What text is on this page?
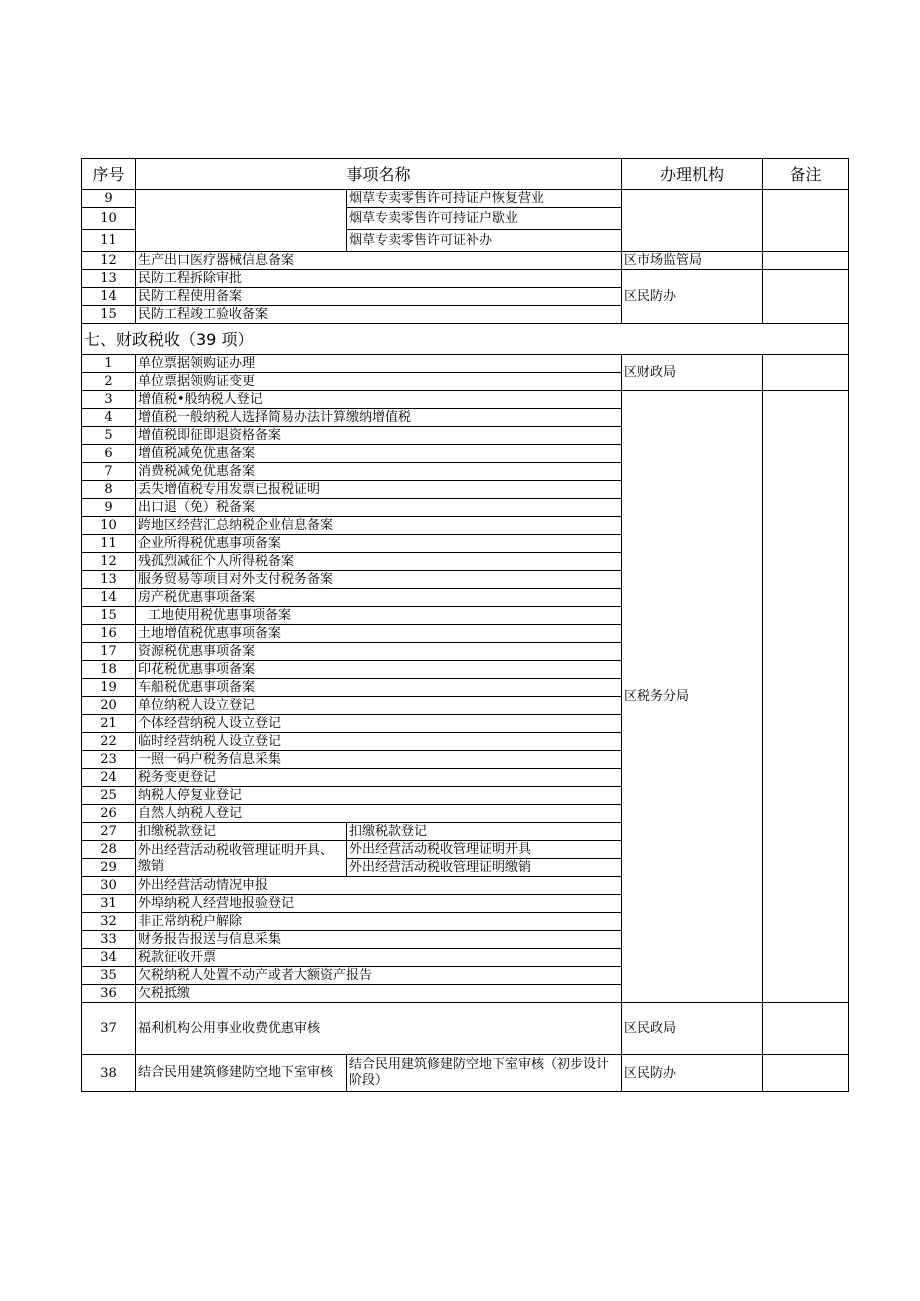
序号	事项名称		办理机构	备注
9		烟草专卖零售许可持证户恢复营业		
10		烟草专卖零售许可持证户歇业		
11		烟草专卖零售许可证补办		
12	生产出口医疗器械信息备案		区市场监管局	
13	民防工程拆除审批		区民防办	
14	民防工程使用备案			
15	民防工程竣工验收备案			
七、财政税收（39 项）				
1	单位票据领购证办理		区财政局	
2	单位票据领购证变更			
3	增值税•般纳税人登记		区税务分局	
4	增值税一般纳税人选择简易办法计算缴纳增值税			
5	增值税即征即退资格备案			
6	增值税减免优惠备案			
7	消费税减免优惠备案			
8	丢失增值税专用发票已报税证明			
9	出口退（免）税备案			
10	跨地区经营汇总纳税企业信息备案			
11	企业所得税优惠事项备案			
12	残孤烈减征个人所得税备案			
13	服务贸易等项目对外支付税务备案			
14	房产税优惠事项备案			
15	工地使用税优惠事项备案			
16	土地增值税优惠事项备案			
17	资源税优惠事项备案			
18	印花税优惠事项备案			
19	车船税优惠事项备案			
20	单位纳税人设立登记			
21	个体经营纳税人设立登记			
22	临时经营纳税人设立登记			
23	一照一码户税务信息采集			
24	税务变更登记			
25	纳税人停复业登记			
26	自然人纳税人登记			
27	扣缴税款登记	扣缴税款登记		
28	外出经营活动税收管理证明开具、缴销	外出经营活动税收管理证明开具		
29		外出经营活动税收管理证明缴销		
30	外出经营活动情况申报			
31	外埠纳税人经营地报验登记			
32	非正常纳税户解除			
33	财务报告报送与信息采集			
34	税款征收开票			
35	欠税纳税人处置不动产或者大额资产报告			
36	欠税抵缴			
37	福利机构公用事业收费优惠审核		区民政局	
38	结合民用建筑修建防空地下室审核	结合民用建筑修建防空地下室审核（初步设计阶段）	区民防办	
